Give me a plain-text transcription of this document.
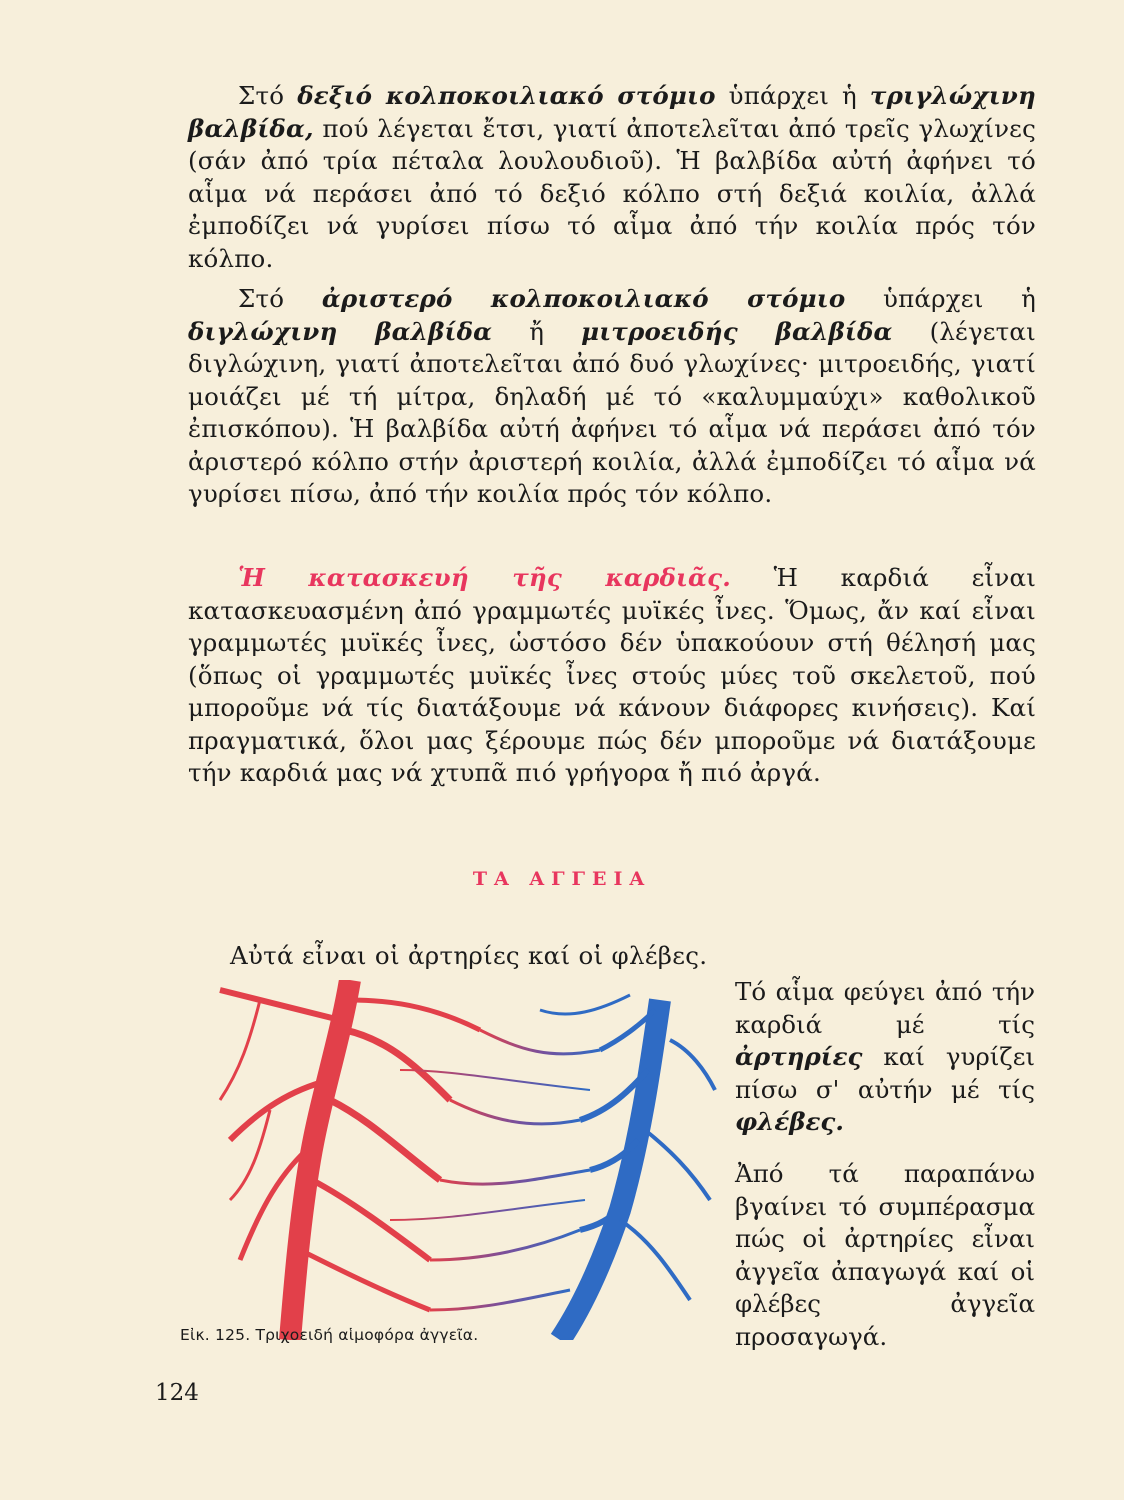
Στό δεξιό κολποκοιλιακό στόμιο ὑπάρχει ἡ τριγλώχινη βαλβίδα, πού λέγεται ἔτσι, γιατί ἀποτελεῖται ἀπό τρεῖς γλωχίνες (σάν ἀπό τρία πέταλα λουλουδιοῦ). Ἡ βαλβίδα αὐτή ἀφήνει τό αἷμα νά περάσει ἀπό τό δεξιό κόλπο στή δεξιά κοιλία, ἀλλά ἐμποδίζει νά γυρίσει πίσω τό αἷμα ἀπό τήν κοιλία πρός τόν κόλπο.
Στό ἀριστερό κολποκοιλιακό στόμιο ὑπάρχει ἡ διγλώχινη βαλβίδα ἤ μιτροειδής βαλβίδα (λέγεται διγλώχινη, γιατί ἀποτελεῖται ἀπό δυό γλωχίνες· μιτροειδής, γιατί μοιάζει μέ τή μίτρα, δηλαδή μέ τό «καλυμμαύχι» καθολικοῦ ἐπισκόπου). Ἡ βαλβίδα αὐτή ἀφήνει τό αἷμα νά περάσει ἀπό τόν ἀριστερό κόλπο στήν ἀριστερή κοιλία, ἀλλά ἐμποδίζει τό αἷμα νά γυρίσει πίσω, ἀπό τήν κοιλία πρός τόν κόλπο.
Ἡ κατασκευή τῆς καρδιᾶς. Ἡ καρδιά εἶναι κατασκευασμένη ἀπό γραμμωτές μυϊκές ἶνες. Ὅμως, ἄν καί εἶναι γραμμωτές μυϊκές ἶνες, ὡστόσο δέν ὑπακούουν στή θέλησή μας (ὅπως οἱ γραμμωτές μυϊκές ἶνες στούς μύες τοῦ σκελετοῦ, πού μποροῦμε νά τίς διατάξουμε νά κάνουν διάφορες κινήσεις). Καί πραγματικά, ὅλοι μας ξέρουμε πώς δέν μποροῦμε νά διατάξουμε τήν καρδιά μας νά χτυπᾶ πιό γρήγορα ἤ πιό ἀργά.
ΤΑ ΑΓΓΕΙΑ
Αὐτά εἶναι οἱ ἀρτηρίες καί οἱ φλέβες.
Τό αἷμα φεύγει ἀπό τήν καρδιά μέ τίς ἀρτηρίες καί γυρίζει πίσω σ' αὐτήν μέ τίς φλέβες.
Ἀπό τά παραπάνω βγαίνει τό συμπέρασμα πώς οἱ ἀρτηρίες εἶναι ἀγγεῖα ἀπαγωγά καί οἱ φλέβες ἀγγεῖα προσαγωγά.
Εἰκ. 125. Τριχοειδή αἱμοφόρα ἀγγεῖα.
124
